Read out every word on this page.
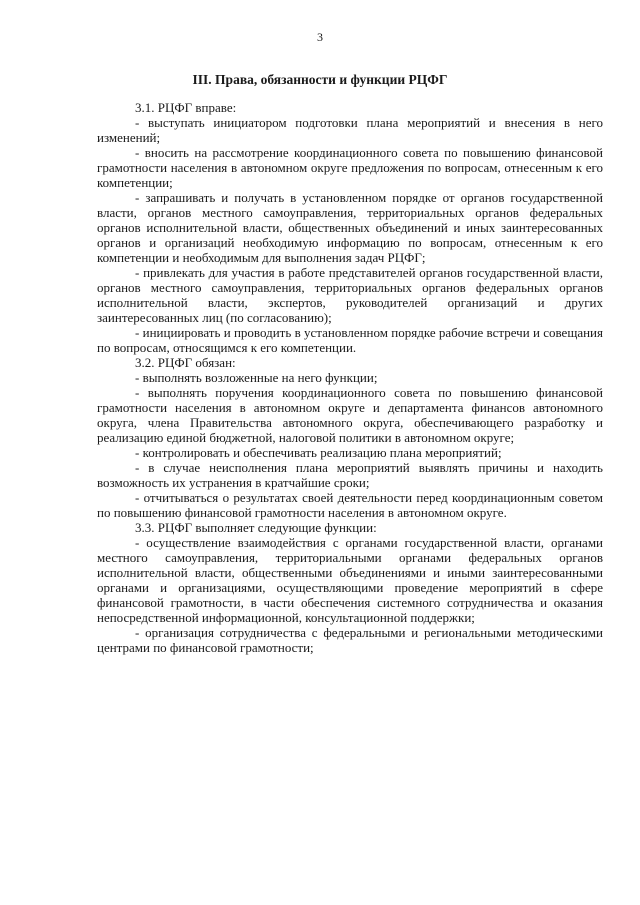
3
III. Права, обязанности и функции РЦФГ

3.1. РЦФГ вправе:

- выступать инициатором подготовки плана мероприятий и внесения в него изменений;

- вносить на рассмотрение координационного совета по повышению финансовой грамотности населения в автономном округе предложения по вопросам, отнесенным к его компетенции;

- запрашивать и получать в установленном порядке от органов государственной власти, органов местного самоуправления, территориальных органов федеральных органов исполнительной власти, общественных объединений и иных заинтересованных органов и организаций необходимую информацию по вопросам, отнесенным к его компетенции и необходимым для выполнения задач РЦФГ;

- привлекать для участия в работе представителей органов государственной власти, органов местного самоуправления, территориальных органов федеральных органов исполнительной власти, экспертов, руководителей организаций и других заинтересованных лиц (по согласованию);

- инициировать и проводить в установленном порядке рабочие встречи и совещания по вопросам, относящимся к его компетенции.

3.2. РЦФГ обязан:

- выполнять возложенные на него функции;

- выполнять поручения координационного совета по повышению финансовой грамотности населения в автономном округе и департамента финансов автономного округа, члена Правительства автономного округа, обеспечивающего разработку и реализацию единой бюджетной, налоговой политики в автономном округе;

- контролировать и обеспечивать реализацию плана мероприятий;

- в случае неисполнения плана мероприятий выявлять причины и находить возможность их устранения в кратчайшие сроки;

- отчитываться о результатах своей деятельности перед координационным советом по повышению финансовой грамотности населения в автономном округе.

3.3. РЦФГ выполняет следующие функции:

- осуществление взаимодействия с органами государственной власти, органами местного самоуправления, территориальными органами федеральных органов исполнительной власти, общественными объединениями и иными заинтересованными органами и организациями, осуществляющими проведение мероприятий в сфере финансовой грамотности, в части обеспечения системного сотрудничества и оказания непосредственной информационной, консультационной поддержки;

- организация сотрудничества с федеральными и региональными методическими центрами по финансовой грамотности;
